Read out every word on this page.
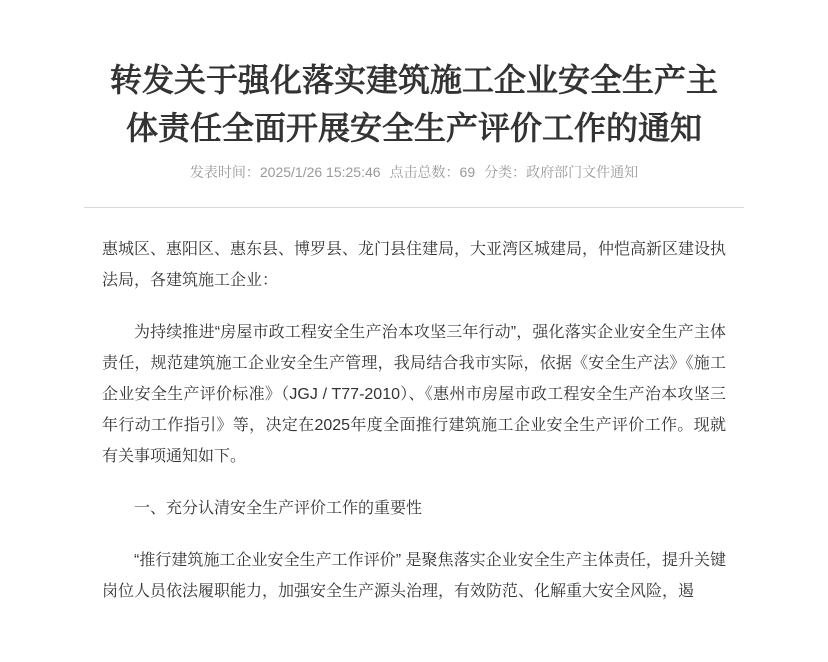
转发关于强化落实建筑施工企业安全生产主
体责任全面开展安全生产评价工作的通知
发表时间：2025/1/26 15:25:46 点击总数：69 分类：政府部门文件通知

惠城区、惠阳区、惠东县、博罗县、龙门县住建局，大亚湾区城建局，仲恺高新区建设执法局，各建筑施工企业：

为持续推进“房屋市政工程安全生产治本攻坚三年行动”，强化落实企业安全生产主体责任，规范建筑施工企业安全生产管理，我局结合我市实际，依据《安全生产法》《施工企业安全生产评价标准》（JGJ / T77-2010）、《惠州市房屋市政工程安全生产治本攻坚三年行动工作指引》等，决定在2025年度全面推行建筑施工企业安全生产评价工作。现就有关事项通知如下。

一、充分认清安全生产评价工作的重要性

“推行建筑施工企业安全生产工作评价” 是聚焦落实企业安全生产主体责任，提升关键岗位人员依法履职能力，加强安全生产源头治理，有效防范、化解重大安全风险，遏
